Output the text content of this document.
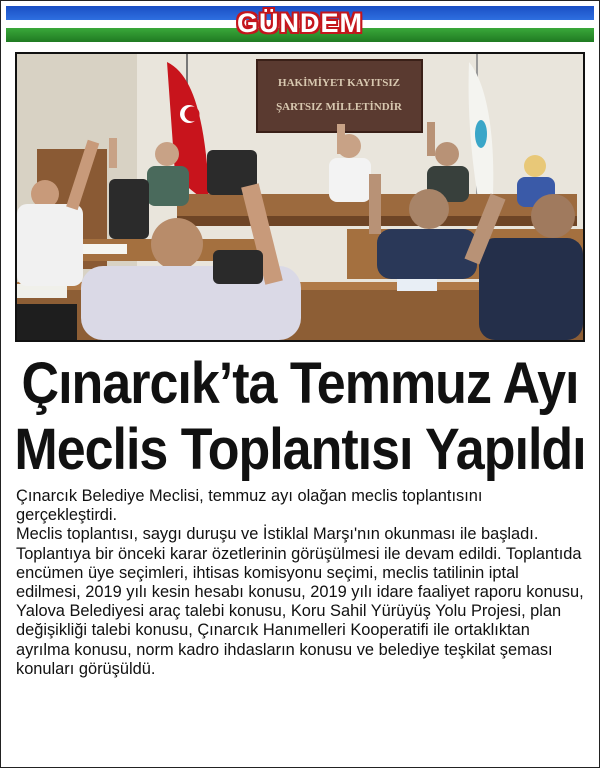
GÜNDEM
HAKİMİYET KAYITSIZ
ŞARTSIZ MİLLETİNDİR
Çınarcık’ta Temmuz Ayı
Meclis Toplantısı Yapıldı

Çınarcık Belediye Meclisi, temmuz ayı olağan meclis toplantısını gerçekleştirdi.

Meclis toplantısı, saygı duruşu ve İstiklal Marşı'nın okunması ile başladı. Toplantıya bir önceki karar özetlerinin görüşülmesi ile devam edildi. Toplantıda encümen üye seçimleri, ihtisas komisyonu seçimi, meclis tatilinin iptal edilmesi, 2019 yılı kesin hesabı konusu, 2019 yılı idare faaliyet raporu konusu, Yalova Belediyesi araç talebi konusu, Koru Sahil Yürüyüş Yolu Projesi, plan değişikliği talebi konusu, Çınarcık Hanımelleri Kooperatifi ile ortaklıktan ayrılma konusu, norm kadro ihdasların konusu ve belediye teşkilat şeması konuları görüşüldü.
